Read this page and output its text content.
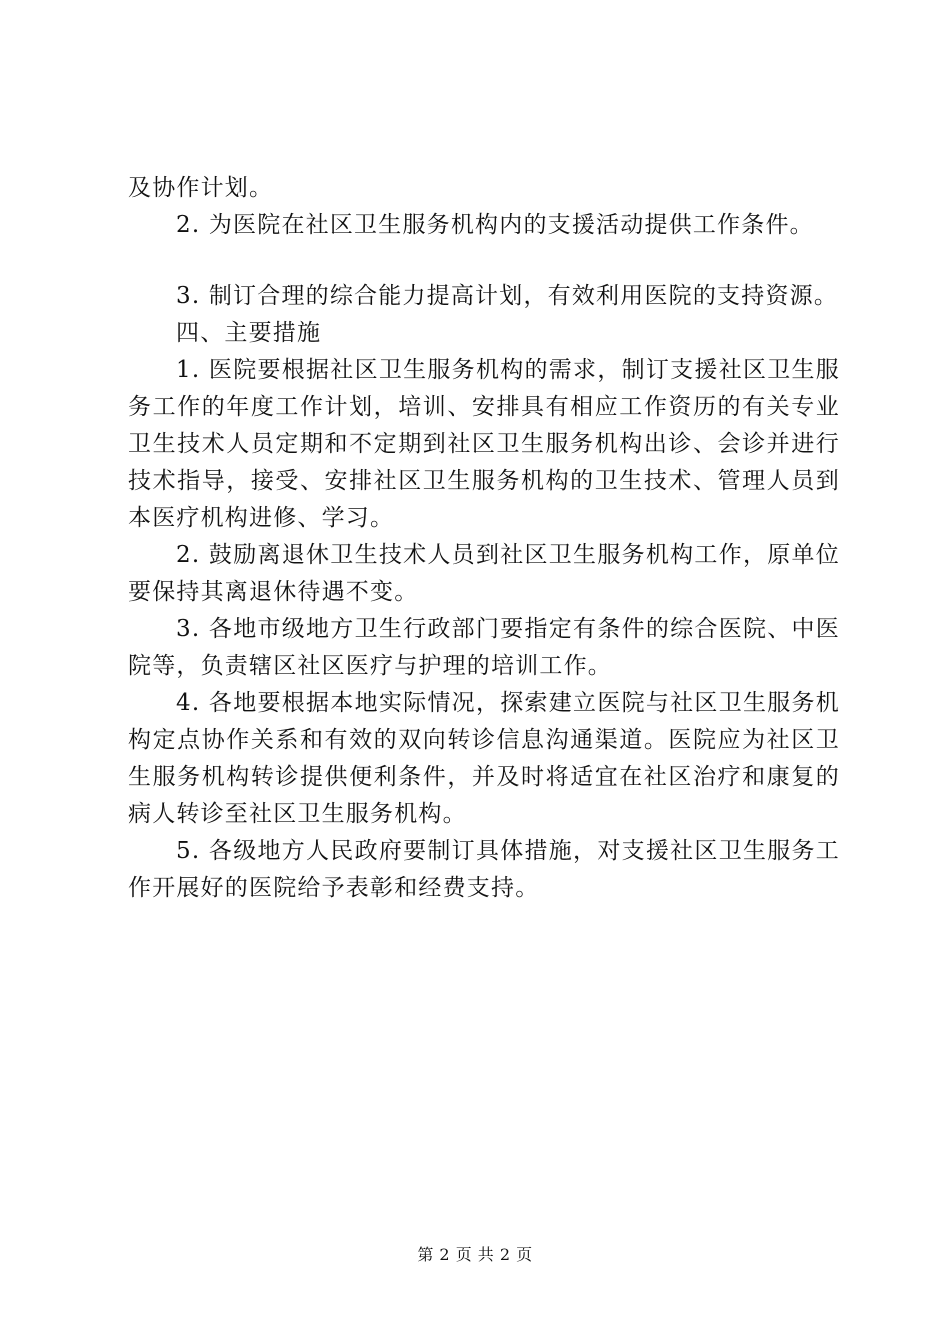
及协作计划。

2. 为医院在社区卫生服务机构内的支援活动提供工作条件。

3. 制订合理的综合能力提高计划，有效利用医院的支持资源。

四、主要措施

1. 医院要根据社区卫生服务机构的需求，制订支援社区卫生服务工作的年度工作计划，培训、安排具有相应工作资历的有关专业卫生技术人员定期和不定期到社区卫生服务机构出诊、会诊并进行技术指导，接受、安排社区卫生服务机构的卫生技术、管理人员到本医疗机构进修、学习。

2. 鼓励离退休卫生技术人员到社区卫生服务机构工作，原单位要保持其离退休待遇不变。

3. 各地市级地方卫生行政部门要指定有条件的综合医院、中医院等，负责辖区社区医疗与护理的培训工作。

4. 各地要根据本地实际情况，探索建立医院与社区卫生服务机构定点协作关系和有效的双向转诊信息沟通渠道。医院应为社区卫生服务机构转诊提供便利条件，并及时将适宜在社区治疗和康复的病人转诊至社区卫生服务机构。

5. 各级地方人民政府要制订具体措施，对支援社区卫生服务工作开展好的医院给予表彰和经费支持。

第 2 页 共 2 页
